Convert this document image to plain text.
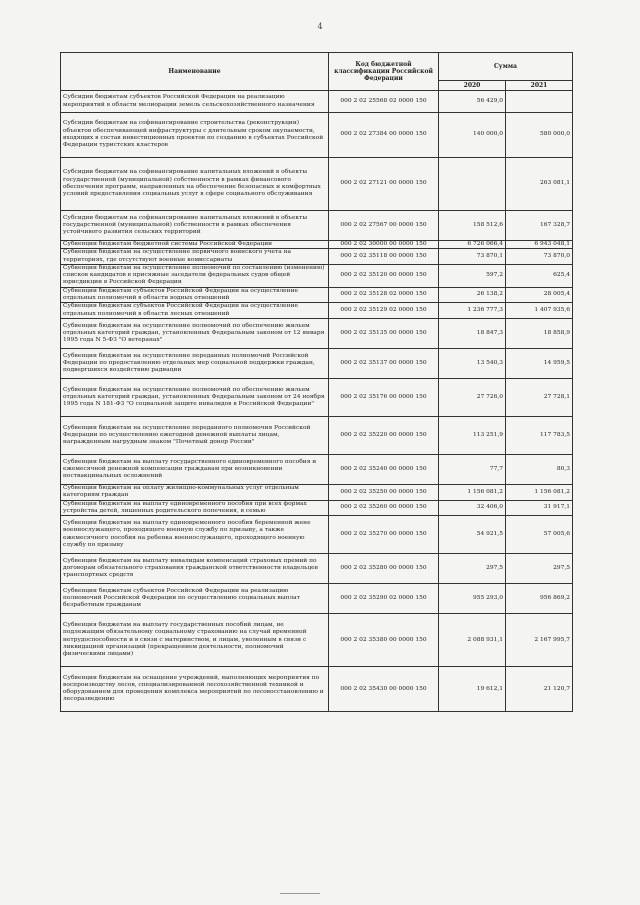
4
Наименование	Код бюджетной классификации Российской Федерации	Сумма	
		2020	2021
Субсидии бюджетам субъектов Российской Федерации на реализацию мероприятий в области мелиорации земель сельскохозяйственного назначения	000 2 02 25568 02 0000 150	56 429,0	
Субсидии бюджетам на софинансирование строительства (реконструкции) объектов обеспечивающей инфраструктуры с длительным сроком окупаемости, входящих в состав инвестиционных проектов по созданию в субъектах Российской Федерации туристских кластеров	000 2 02 27384 00 0000 150	140 000,0	580 000,0
Субсидии бюджетам на софинансирование капитальных вложений в объекты государственной (муниципальной) собственности в рамках финансового обеспечения программ, направленных на обеспечение безопасных и комфортных условий предоставления социальных услуг в сфере социального обслуживания	000 2 02 27121 00 0000 150		263 081,1
Субсидии бюджетам на софинансирование капитальных вложений в объекты государственной (муниципальной) собственности в рамках обеспечения устойчивого развития сельских территорий	000 2 02 27567 00 0000 150	158 512,6	167 328,7
Субвенции бюджетам бюджетной системы Российской Федерации	000 2 02 30000 00 0000 150	6 726 066,4	6 943 048,1
Субвенции бюджетам на осуществление первичного воинского учета на территориях, где отсутствуют военные комиссариаты	000 2 02 35118 00 0000 150	73 870,1	73 870,0
Субвенции бюджетам на осуществление полномочий по составлению (изменению) списков кандидатов в присяжные заседатели федеральных судов общей юрисдикции в Российской Федерации	000 2 02 35120 00 0000 150	597,2	625,4
Субвенции бюджетам субъектов Российской Федерации на осуществление отдельных полномочий в области водных отношений	000 2 02 35128 02 0000 150	26 138,2	28 005,4
Субвенции бюджетам субъектов Российской Федерации на осуществление отдельных полномочий в области лесных отношений	000 2 02 35129 02 0000 150	1 236 777,3	1 407 935,6
Субвенции бюджетам на осуществление полномочий по обеспечению жильем отдельных категорий граждан, установленных Федеральным законом от 12 января 1995 года N 5-ФЗ "О ветеранах"	000 2 02 35135 00 0000 150	18 847,3	18 858,9
Субвенции бюджетам на осуществление переданных полномочий Российской Федерации по предоставлению отдельных мер социальной поддержки граждан, подвергшихся воздействию радиации	000 2 02 35137 00 0000 150	13 540,3	14 959,5
Субвенции бюджетам на осуществление полномочий по обеспечению жильем отдельных категорий граждан, установленных Федеральным законом от 24 ноября 1995 года N 181-ФЗ "О социальной защите инвалидов в Российской Федерации"	000 2 02 35176 00 0000 150	27 726,0	27 728,1
Субвенции бюджетам на осуществление переданного полномочия Российской Федерации по осуществлению ежегодной денежной выплаты лицам, награжденным нагрудным знаком "Почетный донор России"	000 2 02 35220 00 0000 150	113 251,9	117 783,5
Субвенции бюджетам на выплату государственного единовременного пособия и ежемесячной денежной компенсации гражданам при возникновении поствакцинальных осложнений	000 2 02 35240 00 0000 150	77,7	80,3
Субвенции бюджетам на оплату жилищно-коммунальных услуг отдельным категориям граждан	000 2 02 35250 00 0000 150	1 156 081,2	1 156 081,2
Субвенции бюджетам на выплату единовременного пособия при всех формах устройства детей, лишенных родительского попечения, в семью	000 2 02 35260 00 0000 150	32 406,0	31 917,1
Субвенции бюджетам на выплату единовременного пособия беременной жене военнослужащего, проходящего военную службу по призыву, а также ежемесячного пособия на ребенка военнослужащего, проходящего военную службу по призыву	000 2 02 35270 00 0000 150	54 921,5	57 005,6
Субвенции бюджетам на выплату инвалидам компенсаций страховых премий по договорам обязательного страхования гражданской ответственности владельцев транспортных средств	000 2 02 35280 00 0000 150	297,5	297,5
Субвенции бюджетам субъектов Российской Федерации на реализацию полномочий Российской Федерации по осуществлению социальных выплат безработным гражданам	000 2 02 35290 02 0000 150	955 293,0	956 869,2
Субвенция бюджетам на выплату государственных пособий лицам, не подлежащим обязательному социальному страхованию на случай временной нетрудоспособности и в связи с материнством, и лицам, уволенным в связи с ликвидацией организаций (прекращением деятельности, полномочий физическими лицами)	000 2 02 35380 00 0000 150	2 088 931,1	2 167 995,7
Субвенции бюджетам на оснащение учреждений, выполняющих мероприятия по воспроизводству лесов, специализированной лесохозяйственной техникой и оборудованием для проведения комплекса мероприятий по лесовосстановлению и лесоразведению	000 2 02 35430 00 0000 150	19 612,1	21 120,7
